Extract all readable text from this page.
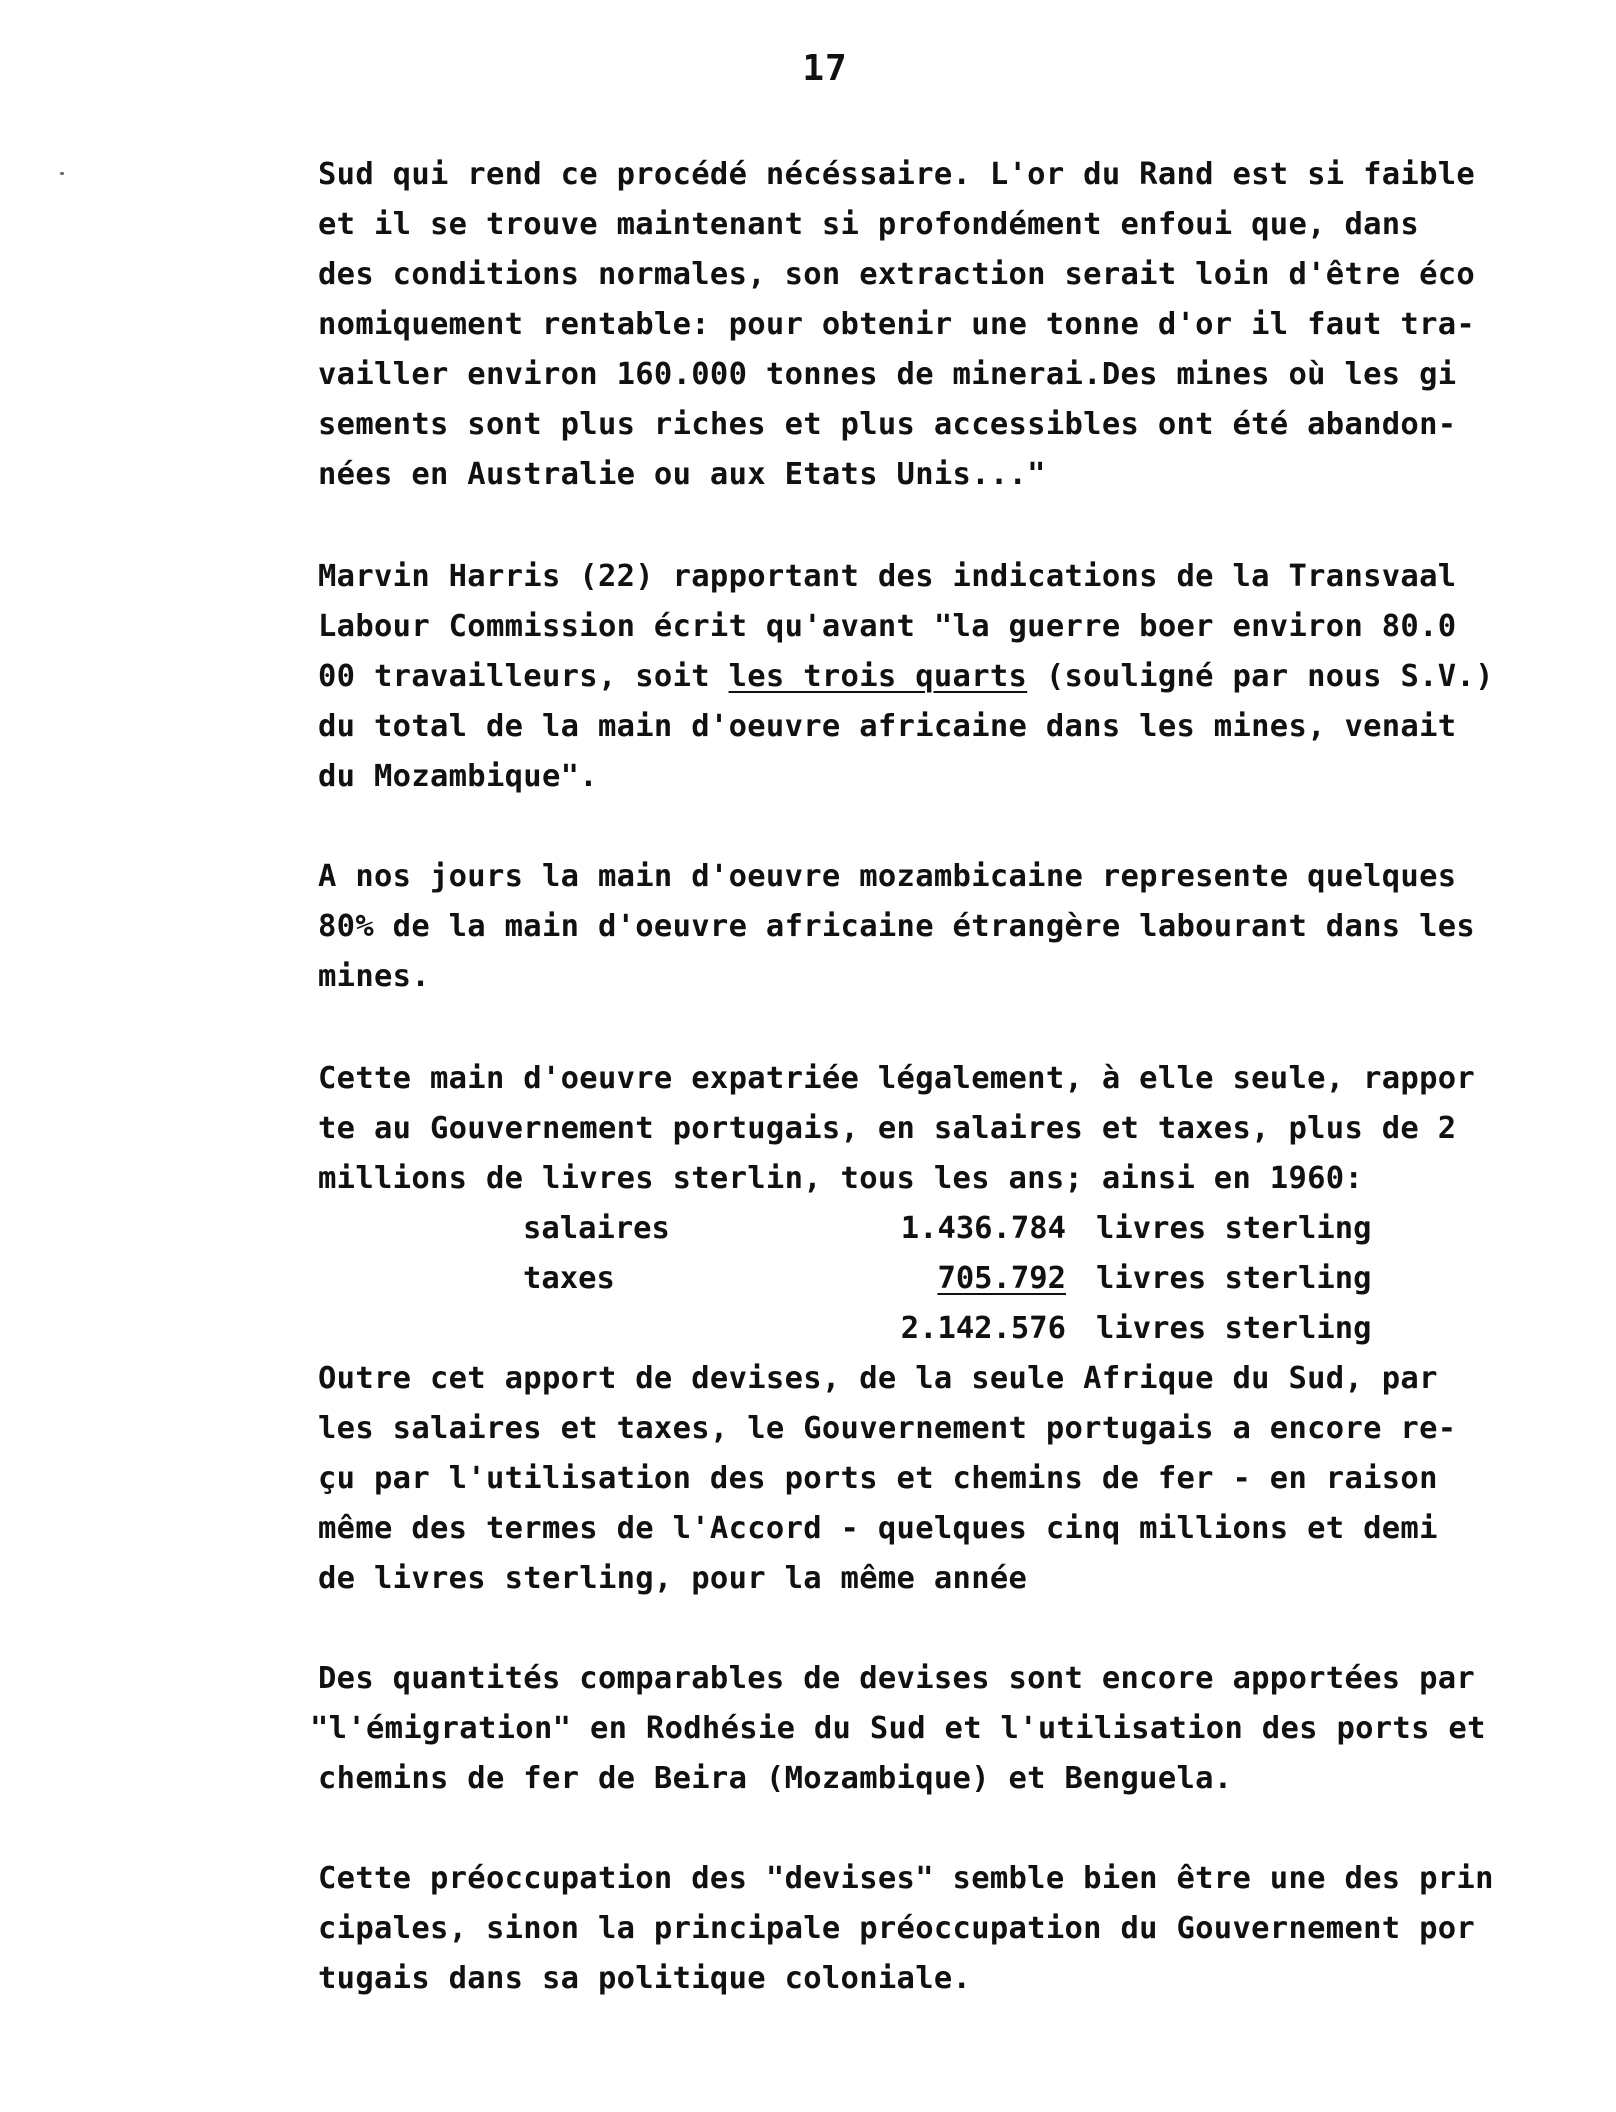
17
Sud qui rend ce procédé nécéssaire. L'or du Rand est si faible
et il se trouve maintenant si profondément enfoui que, dans
des conditions normales, son extraction serait loin d'être éco
nomiquement rentable: pour obtenir une tonne d'or il faut tra-
vailler environ 160.000 tonnes de minerai.Des mines où les gi
sements sont plus riches et plus accessibles ont été abandon-
nées en Australie ou aux Etats Unis..."
Marvin Harris (22) rapportant des indications de la Transvaal
Labour Commission écrit qu'avant "la guerre boer environ 80.0
00 travailleurs, soit les trois quarts (souligné par nous S.V.)
du total de la main d'oeuvre africaine dans les mines, venait
du Mozambique".
A nos jours la main d'oeuvre mozambicaine represente quelques
80% de la main d'oeuvre africaine étrangère labourant dans les
mines.
Cette main d'oeuvre expatriée légalement, à elle seule, rappor
te au Gouvernement portugais, en salaires et taxes, plus de 2
millions de livres sterlin, tous les ans; ainsi en 1960:
salaires	1.436.784 livres sterling
taxes	705.792 livres sterling
2.142.576 livres sterling
Outre cet apport de devises, de la seule Afrique du Sud, par
les salaires et taxes, le Gouvernement portugais a encore re-
çu par l'utilisation des ports et chemins de fer - en raison
même des termes de l'Accord - quelques cinq millions et demi
de livres sterling, pour la même année
Des quantités comparables de devises sont encore apportées par
"l'émigration" en Rodhésie du Sud et l'utilisation des ports et
chemins de fer de Beira (Mozambique) et Benguela.
Cette préoccupation des "devises" semble bien être une des prin
cipales, sinon la principale préoccupation du Gouvernement por
tugais dans sa politique coloniale.
